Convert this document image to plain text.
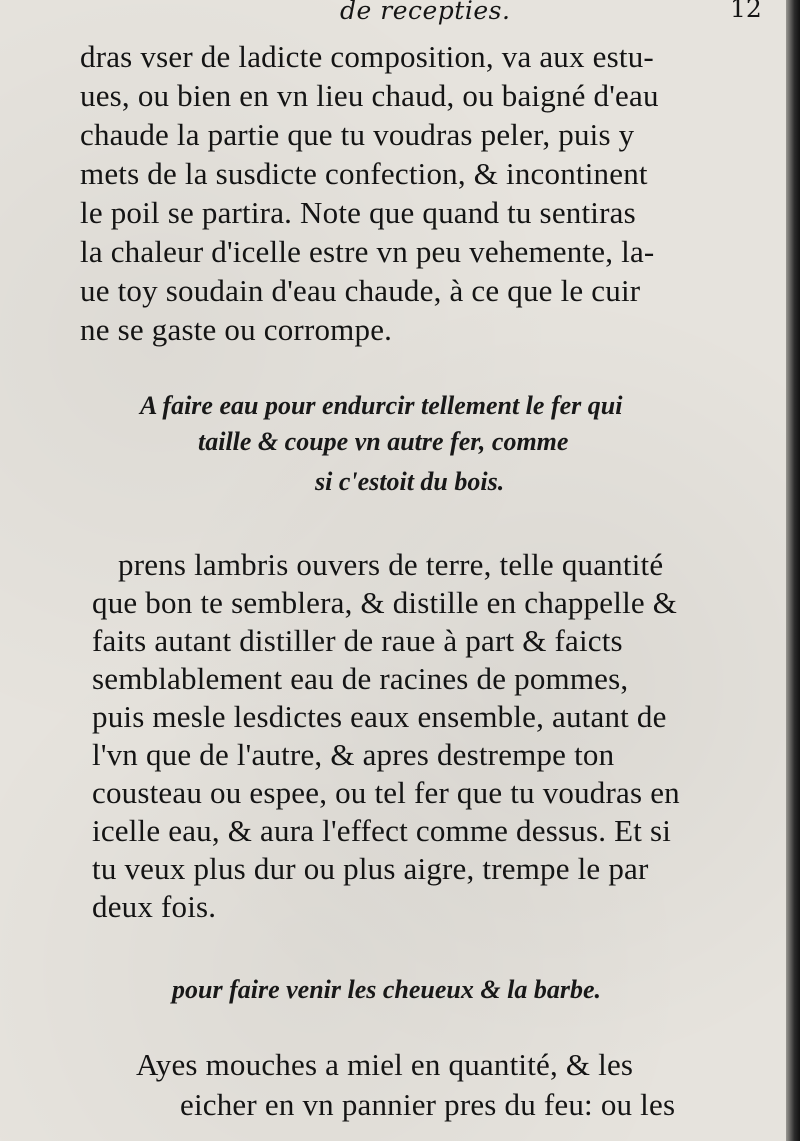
de recepties.	12
dras vser de ladicte composition, va aux estu-
ues, ou bien en vn lieu chaud, ou baigné d'eau
chaude la partie que tu voudras peler, puis y
mets de la susdicte confection, & incontinent
le poil se partira. Note que quand tu sentiras
la chaleur d'icelle estre vn peu vehemente, la-
ue toy soudain d'eau chaude, à ce que le cuir
ne se gaste ou corrompe.
A faire eau pour endurcir tellement le fer qui
taille & coupe vn autre fer, comme
si c'estoit du bois.
prens lambris ouvers de terre, telle quantité
que bon te semblera, & distille en chappelle &
faits autant distiller de raue à part & faicts
semblablement eau de racines de pommes,
puis mesle lesdictes eaux ensemble, autant de
l'vn que de l'autre, & apres destrempe ton
cousteau ou espee, ou tel fer que tu voudras en
icelle eau, & aura l'effect comme dessus. Et si
tu veux plus dur ou plus aigre, trempe le par
deux fois.
pour faire venir les cheueux & la barbe.
Ayes mouches a miel en quantité, & les
eicher en vn pannier pres du feu: ou les
